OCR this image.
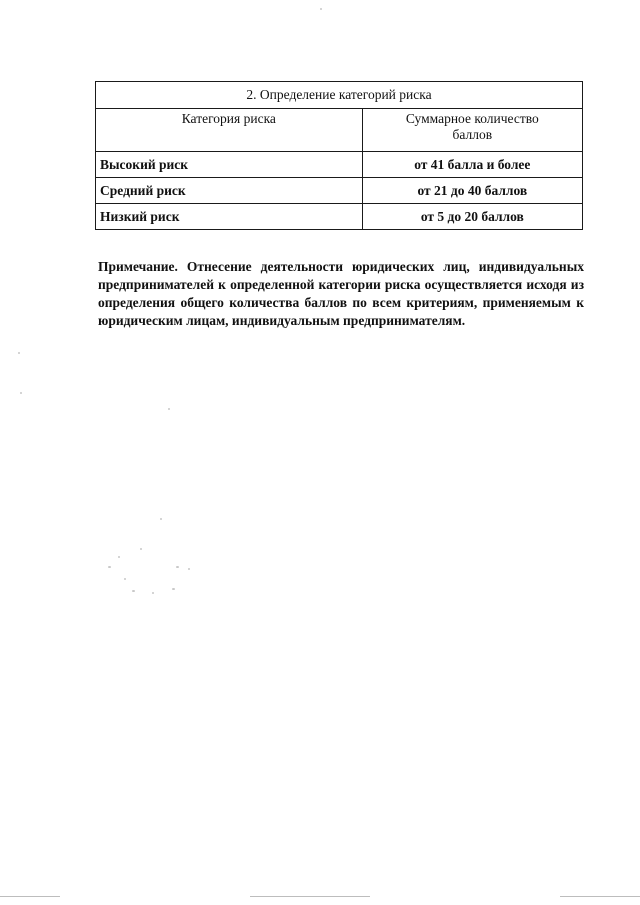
2. Определение категорий риска	
Категория риска	Суммарное количество
баллов

Высокий риск	от 41 балла и более
Средний риск	от 21 до 40 баллов
Низкий риск	от 5 до 20 баллов

Примечание. Отнесение деятельности юридических лиц, индивидуальных предпринимателей к определенной категории риска осуществляется исходя из определения общего количества баллов по всем критериям, применяемым к юридическим лицам, индивидуальным предпринимателям.
